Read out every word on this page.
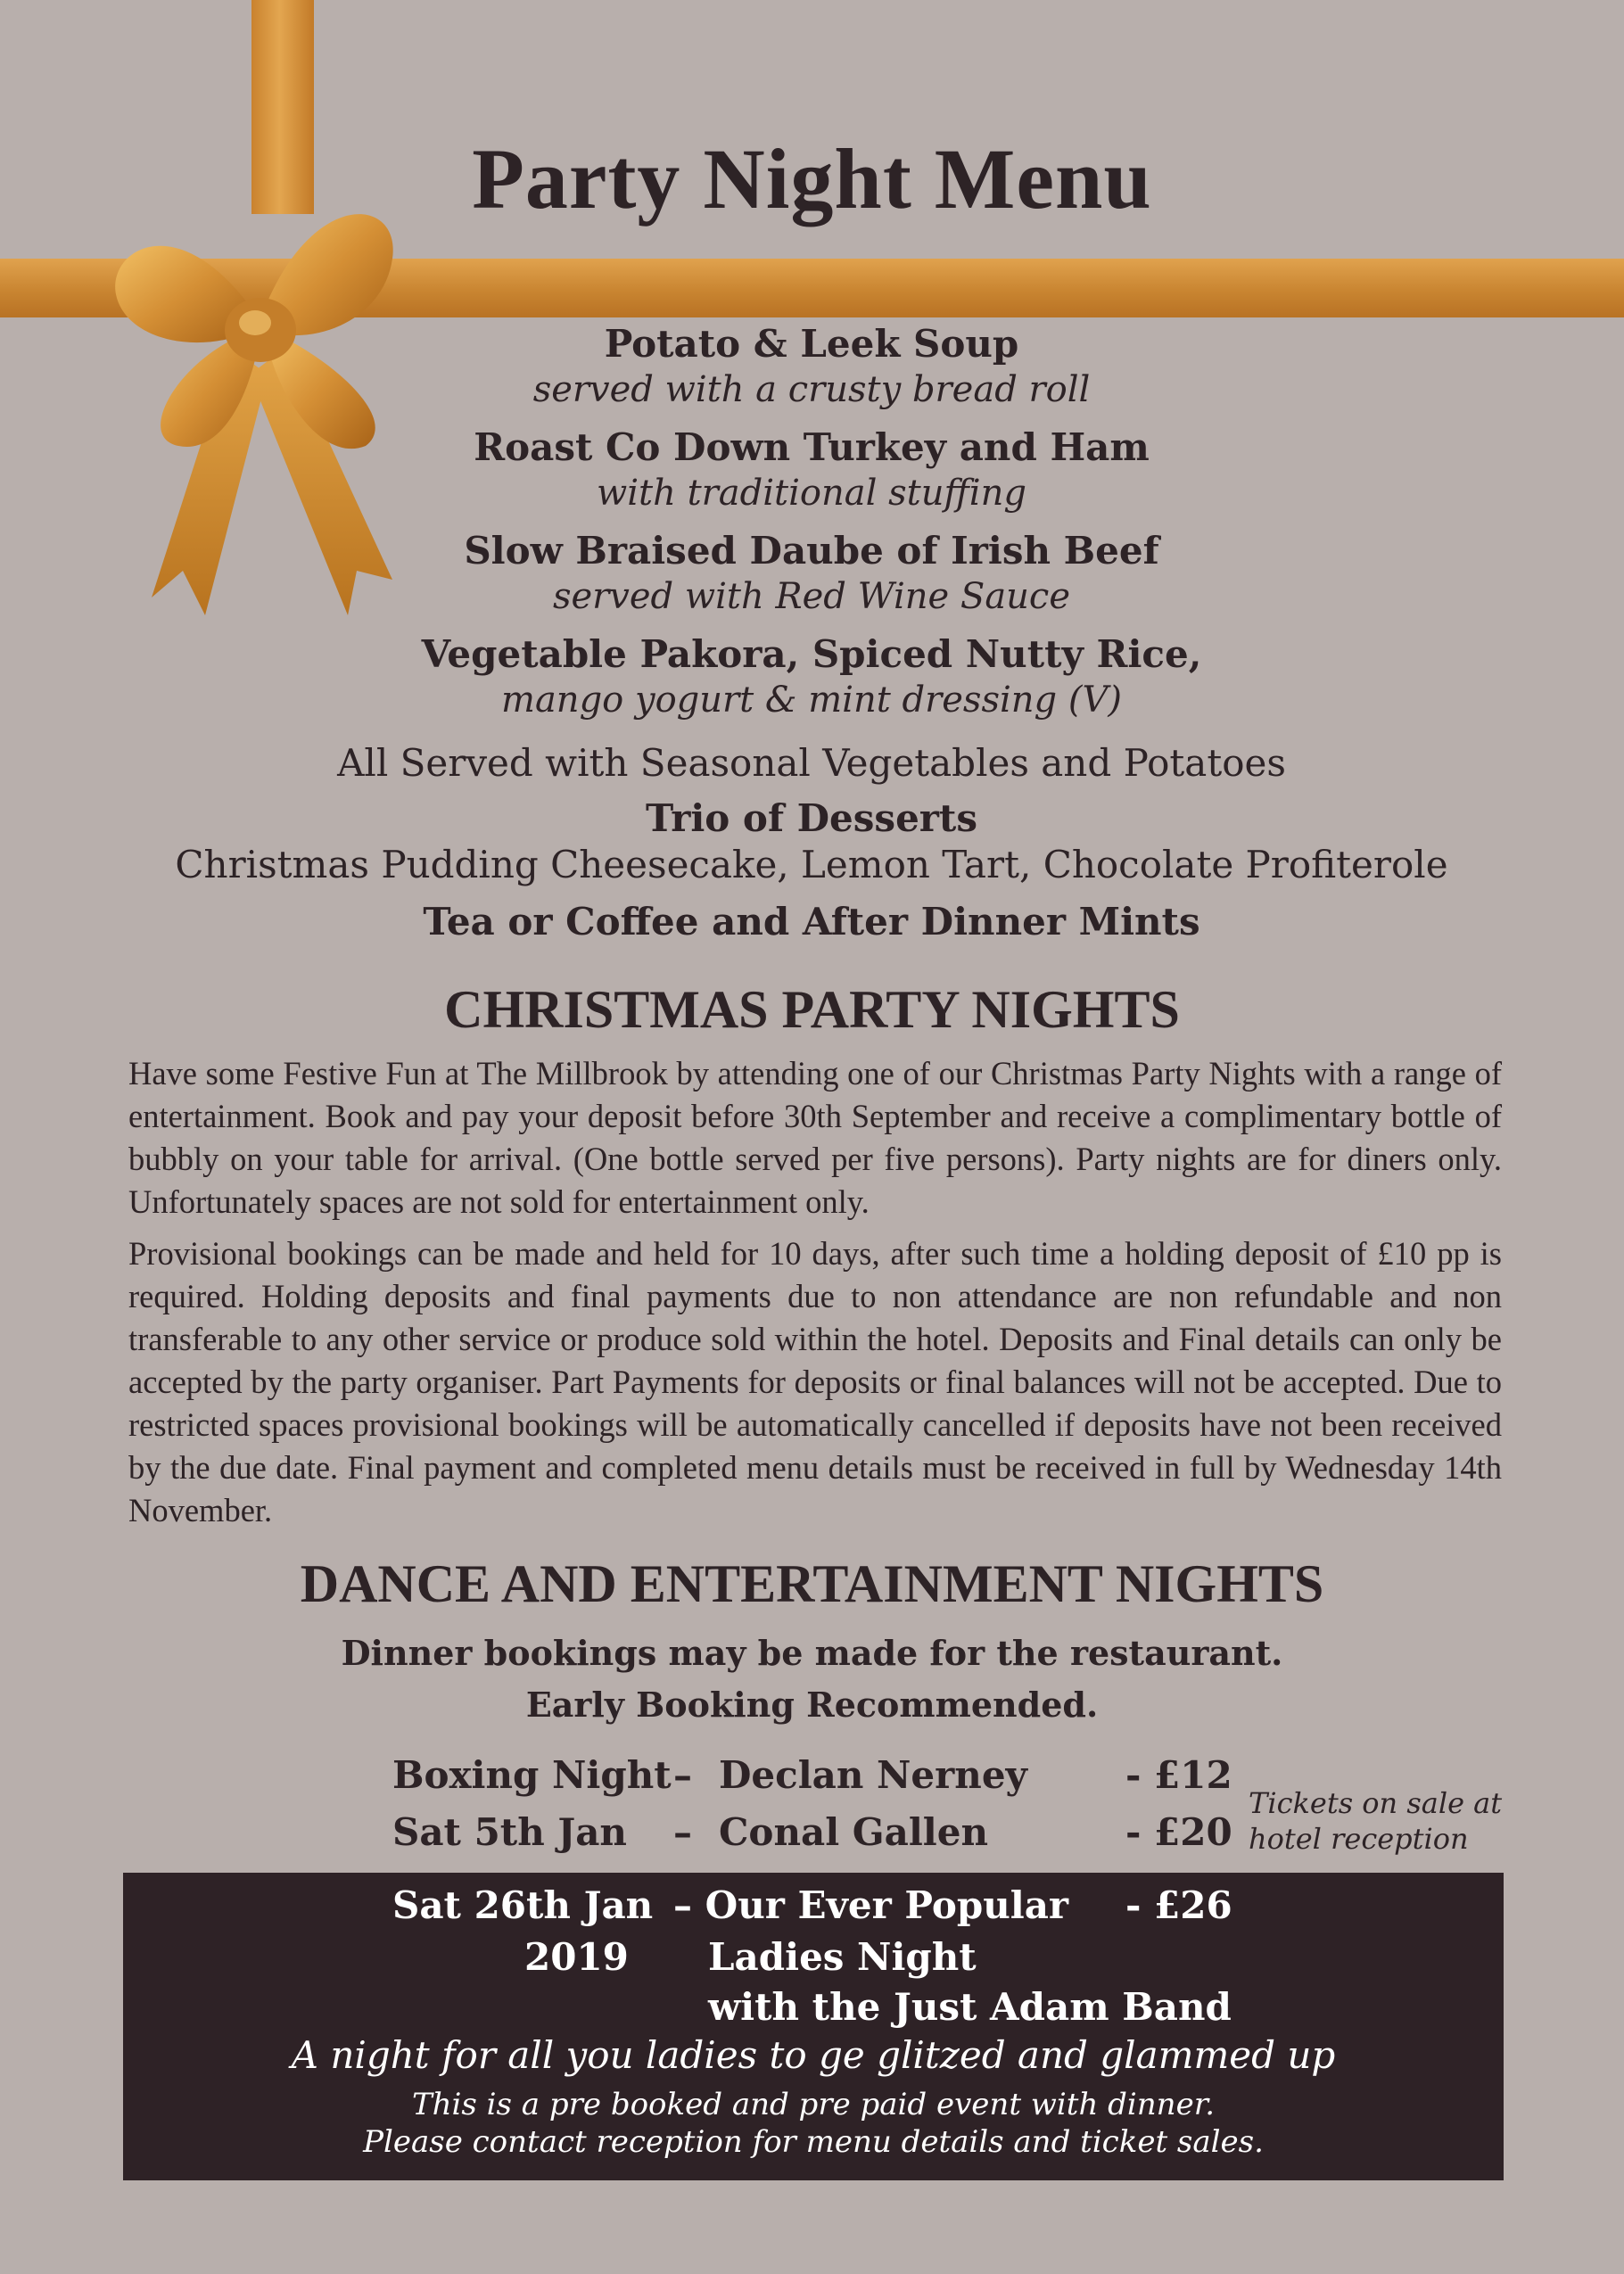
Party Night Menu
Potato & Leek Soup
served with a crusty bread roll
Roast Co Down Turkey and Ham
with traditional stuffing
Slow Braised Daube of Irish Beef
served with Red Wine Sauce
Vegetable Pakora, Spiced Nutty Rice,
mango yogurt & mint dressing (V)
All Served with Seasonal Vegetables and Potatoes
Trio of Desserts
Christmas Pudding Cheesecake, Lemon Tart, Chocolate Profiterole
Tea or Coffee and After Dinner Mints
CHRISTMAS PARTY NIGHTS
Have some Festive Fun at The Millbrook by attending one of our Christmas Party Nights with a range of entertainment. Book and pay your deposit before 30th September and receive a complimentary bottle of bubbly on your table for arrival. (One bottle served per five persons). Party nights are for diners only. Unfortunately spaces are not sold for entertainment only.
Provisional bookings can be made and held for 10 days, after such time a holding deposit of £10 pp is required. Holding deposits and final payments due to non attendance are non refundable and non transferable to any other service or produce sold within the hotel. Deposits and Final details can only be accepted by the party organiser. Part Payments for deposits or final balances will not be accepted. Due to restricted spaces provisional bookings will be automatically cancelled if deposits have not been received by the due date. Final payment and completed menu details must be received in full by Wednesday 14th November.
DANCE AND ENTERTAINMENT NIGHTS
Dinner bookings may be made for the restaurant.
Early Booking Recommended.
Boxing Night – Declan Nerney	- £12
Sat 5th Jan – Conal Gallen	- £20
Tickets on sale at
hotel reception
Sat 26th Jan
2019
– Our Ever Popular
Ladies Night
with the Just Adam Band
- £26
A night for all you ladies to ge glitzed and glammed up
This is a pre booked and pre paid event with dinner.
Please contact reception for menu details and ticket sales.
